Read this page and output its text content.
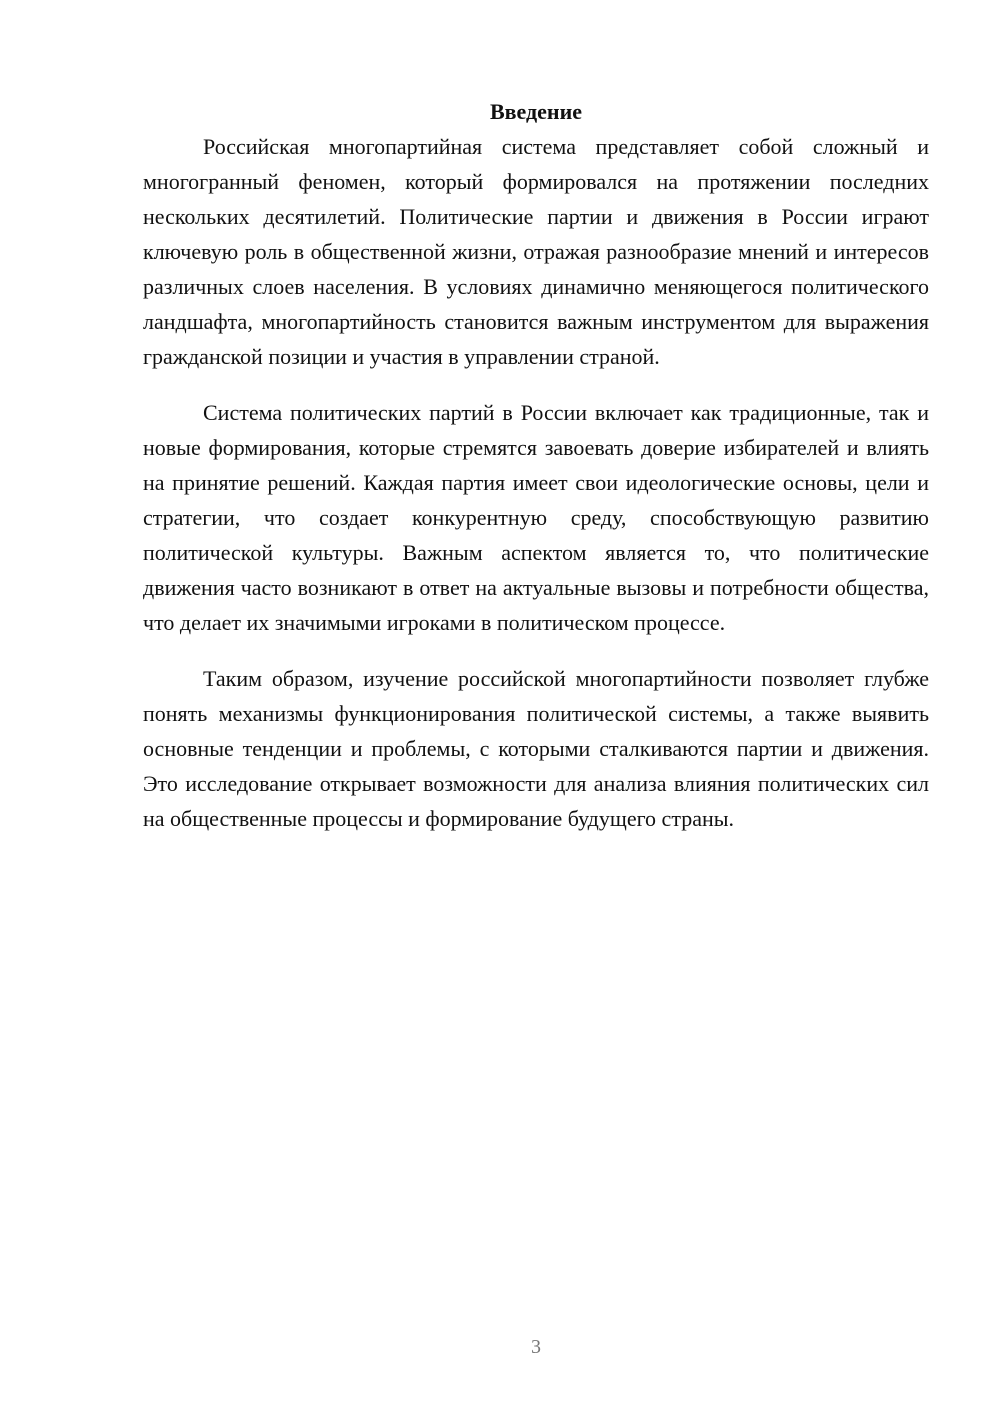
Введение

Российская многопартийная система представляет собой сложный и многогранный феномен, который формировался на протяжении последних нескольких десятилетий. Политические партии и движения в России играют ключевую роль в общественной жизни, отражая разнообразие мнений и интересов различных слоев населения. В условиях динамично меняющегося политического ландшафта, многопартийность становится важным инструментом для выражения гражданской позиции и участия в управлении страной.

Система политических партий в России включает как традиционные, так и новые формирования, которые стремятся завоевать доверие избирателей и влиять на принятие решений. Каждая партия имеет свои идеологические основы, цели и стратегии, что создает конкурентную среду, способствующую развитию политической культуры. Важным аспектом является то, что политические движения часто возникают в ответ на актуальные вызовы и потребности общества, что делает их значимыми игроками в политическом процессе.

Таким образом, изучение российской многопартийности позволяет глубже понять механизмы функционирования политической системы, а также выявить основные тенденции и проблемы, с которыми сталкиваются партии и движения. Это исследование открывает возможности для анализа влияния политических сил на общественные процессы и формирование будущего страны.

3
